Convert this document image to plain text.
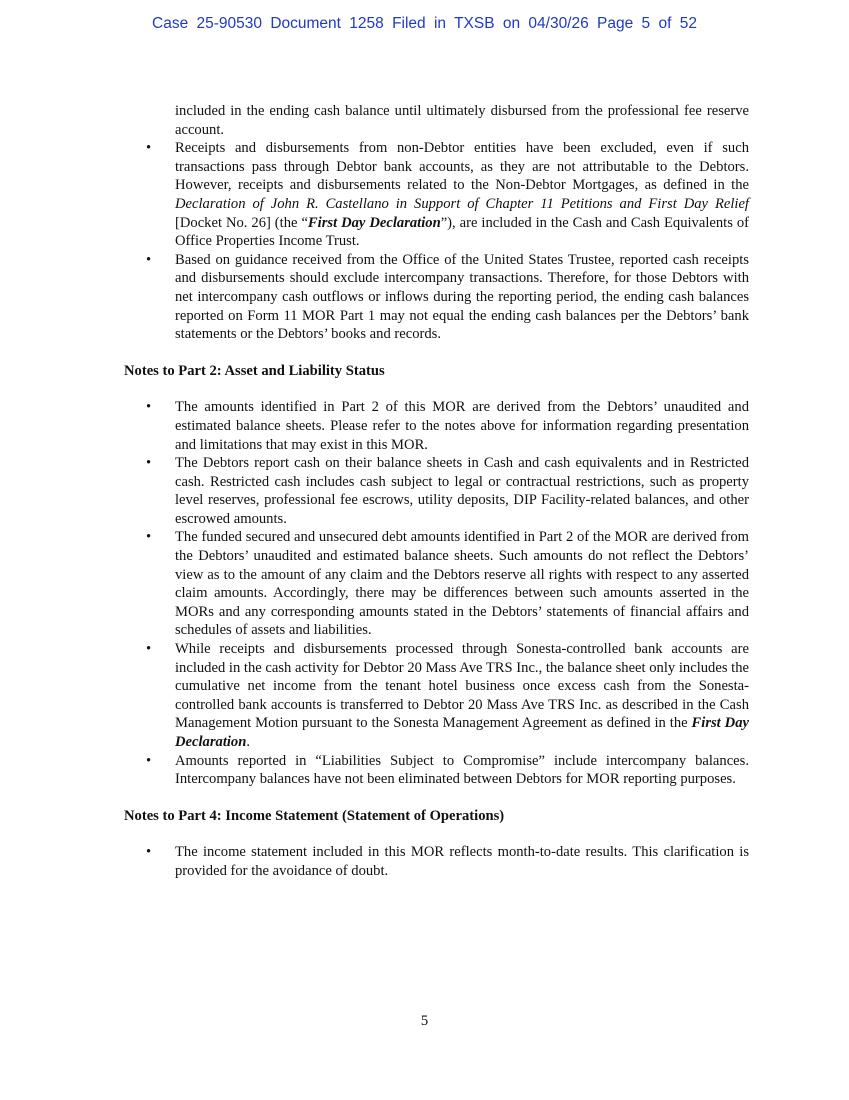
Case 25-90530 Document 1258 Filed in TXSB on 04/30/26 Page 5 of 52

included in the ending cash balance until ultimately disbursed from the professional fee reserve account.

• Receipts and disbursements from non-Debtor entities have been excluded, even if such transactions pass through Debtor bank accounts, as they are not attributable to the Debtors. However, receipts and disbursements related to the Non-Debtor Mortgages, as defined in the Declaration of John R. Castellano in Support of Chapter 11 Petitions and First Day Relief [Docket No. 26] (the “First Day Declaration”), are included in the Cash and Cash Equivalents of Office Properties Income Trust.
• Based on guidance received from the Office of the United States Trustee, reported cash receipts and disbursements should exclude intercompany transactions. Therefore, for those Debtors with net intercompany cash outflows or inflows during the reporting period, the ending cash balances reported on Form 11 MOR Part 1 may not equal the ending cash balances per the Debtors’ bank statements or the Debtors’ books and records.

Notes to Part 2: Asset and Liability Status

• The amounts identified in Part 2 of this MOR are derived from the Debtors’ unaudited and estimated balance sheets. Please refer to the notes above for information regarding presentation and limitations that may exist in this MOR.
• The Debtors report cash on their balance sheets in Cash and cash equivalents and in Restricted cash. Restricted cash includes cash subject to legal or contractual restrictions, such as property level reserves, professional fee escrows, utility deposits, DIP Facility-related balances, and other escrowed amounts.
• The funded secured and unsecured debt amounts identified in Part 2 of the MOR are derived from the Debtors’ unaudited and estimated balance sheets. Such amounts do not reflect the Debtors’ view as to the amount of any claim and the Debtors reserve all rights with respect to any asserted claim amounts. Accordingly, there may be differences between such amounts asserted in the MORs and any corresponding amounts stated in the Debtors’ statements of financial affairs and schedules of assets and liabilities.
• While receipts and disbursements processed through Sonesta-controlled bank accounts are included in the cash activity for Debtor 20 Mass Ave TRS Inc., the balance sheet only includes the cumulative net income from the tenant hotel business once excess cash from the Sonesta-controlled bank accounts is transferred to Debtor 20 Mass Ave TRS Inc. as described in the Cash Management Motion pursuant to the Sonesta Management Agreement as defined in the First Day Declaration.
• Amounts reported in “Liabilities Subject to Compromise” include intercompany balances. Intercompany balances have not been eliminated between Debtors for MOR reporting purposes.

Notes to Part 4: Income Statement (Statement of Operations)

• The income statement included in this MOR reflects month-to-date results. This clarification is provided for the avoidance of doubt.
5
